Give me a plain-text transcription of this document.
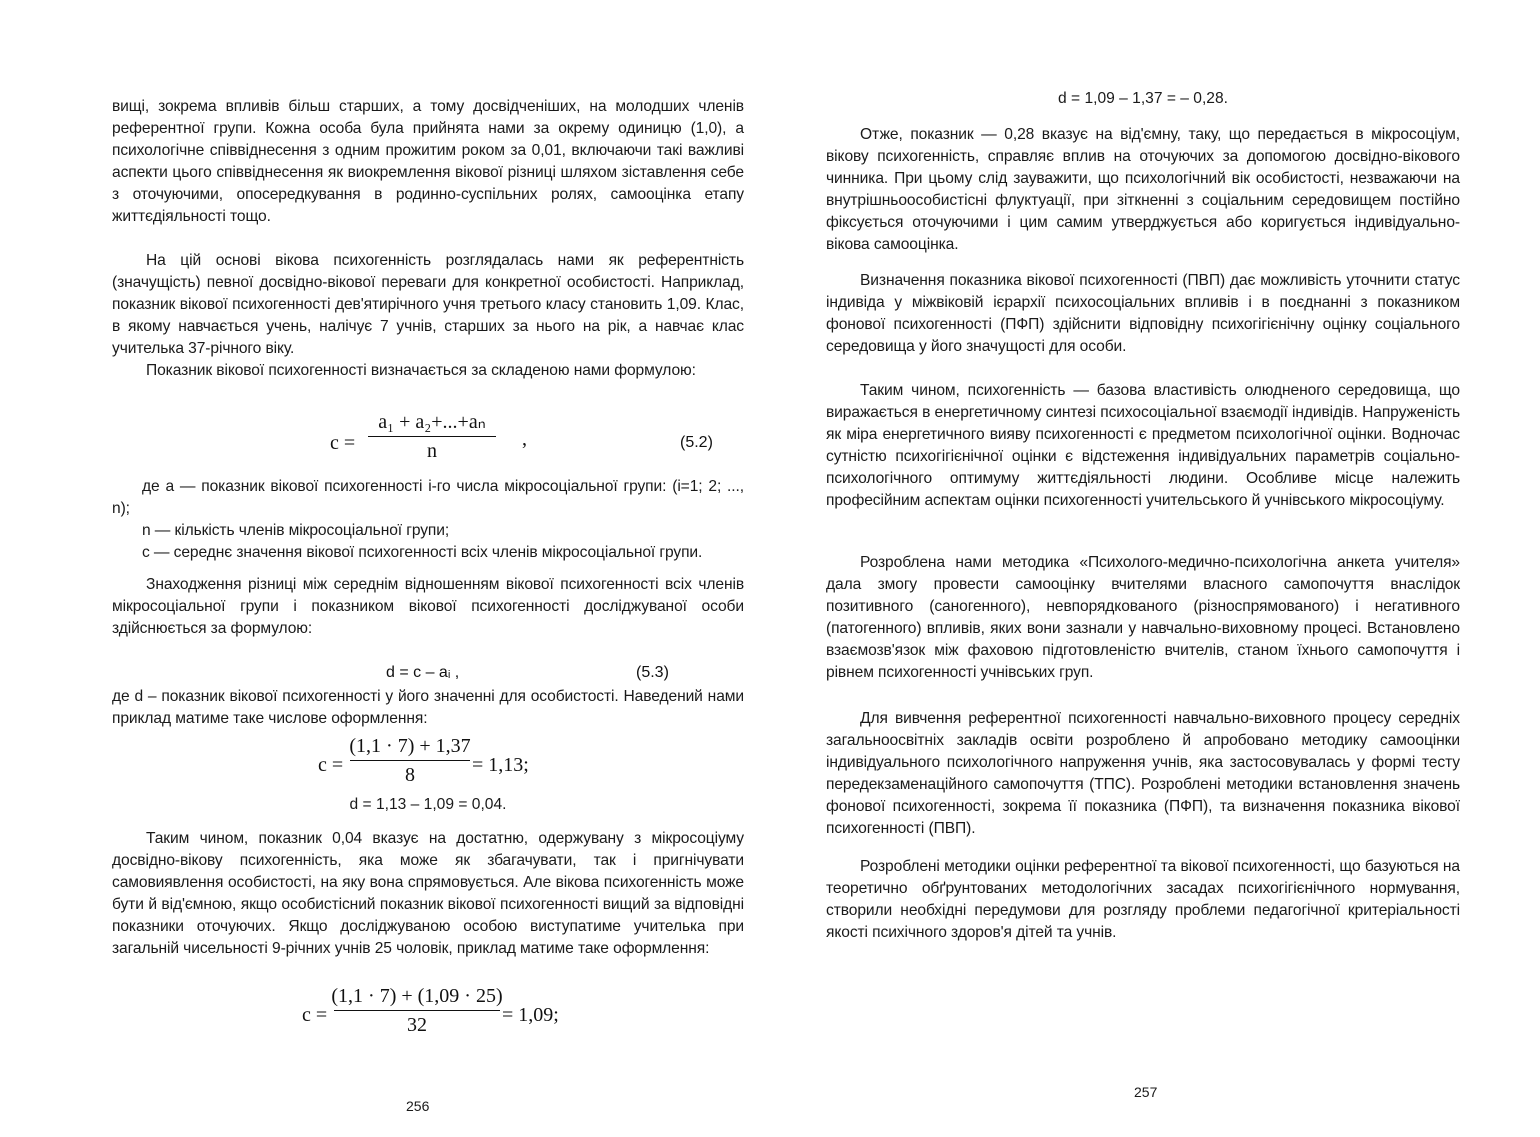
вищі, зокрема впливів більш старших, а тому досвідченіших, на молодших членів референтної групи. Кожна особа була прийнята нами за окрему одиницю (1,0), а психологічне співвіднесення з одним прожитим роком за 0,01, включаючи такі важливі аспекти цього співвіднесення як виокремлення вікової різниці шляхом зіставлення себе з оточуючими, опосередкування в родинно-суспільних ролях, самооцінка етапу життєдіяльності тощо.

На цій основі вікова психогенність розглядалась нами як референтність (значущість) певної досвідно-вікової переваги для конкретної особистості. Наприклад, показник вікової психогенності дев'ятирічного учня третього класу становить 1,09. Клас, в якому навчається учень, налічує 7 учнів, старших за нього на рік, а навчає клас учителька 37-річного віку.

Показник вікової психогенності визначається за складеною нами формулою:

c =
a₁ + a₂+...+aₙ
n
,	(5.2)

де a — показник вікової психогенності i-го числа мікросоціальної групи: (i=1; 2; ..., n);

n — кількість членів мікросоціальної групи;

c — середнє значення вікової психогенності всіх членів мікросоціальної групи.

Знаходження різниці між середнім відношенням вікової психогенності всіх членів мікросоціальної групи і показником вікової психогенності досліджуваної особи здійснюється за формулою:

d = c – aᵢ ,	(5.3)

де d – показник вікової психогенності у його значенні для особистості. Наведений нами приклад матиме таке числове оформлення:

c =
(1,1 · 7) + 1,37
8	= 1,13;
d = 1,13 – 1,09 = 0,04.

Таким чином, показник 0,04 вказує на достатню, одержувану з мікросоціуму досвідно-вікову психогенність, яка може як збагачувати, так і пригнічувати самовиявлення особистості, на яку вона спрямовується. Але вікова психогенність може бути й від'ємною, якщо особистісний показник вікової психогенності вищий за відповідні показники оточуючих. Якщо досліджуваною особою виступатиме учителька при загальній чисельності 9-річних учнів 25 чоловік, приклад матиме таке оформлення:

c =
(1,1 · 7) + (1,09 · 25)
32	= 1,09;
256
d = 1,09 – 1,37 = – 0,28.

Отже, показник — 0,28 вказує на від'ємну, таку, що передається в мікросоціум, вікову психогенність, справляє вплив на оточуючих за допомогою досвідно-вікового чинника. При цьому слід зауважити, що психологічний вік особистості, незважаючи на внутрішньоособистісні флуктуації, при зіткненні з соціальним середовищем постійно фіксується оточуючими і цим самим утверджується або коригується індивідуально-вікова самооцінка.

Визначення показника вікової психогенності (ПВП) дає можливість уточнити статус індивіда у міжвіковій ієрархії психосоціальних впливів і в поєднанні з показником фонової психогенності (ПФП) здійснити відповідну психогігієнічну оцінку соціального середовища у його значущості для особи.

Таким чином, психогенність — базова властивість олюдненого середовища, що виражається в енергетичному синтезі психосоціальної взаємодії індивідів. Напруженість як міра енергетичного вияву психогенності є предметом психологічної оцінки. Водночас сутністю психогігієнічної оцінки є відстеження індивідуальних параметрів соціально-психологічного оптимуму життєдіяльності людини. Особливе місце належить професійним аспектам оцінки психогенності учительського й учнівського мікросоціуму.

Розроблена нами методика «Психолого-медично-психологічна анкета учителя» дала змогу провести самооцінку вчителями власного самопочуття внаслідок позитивного (саногенного), невпорядкованого (різноспрямованого) і негативного (патогенного) впливів, яких вони зазнали у навчально-виховному процесі. Встановлено взаємозв'язок між фаховою підготовленістю вчителів, станом їхнього самопочуття і рівнем психогенності учнівських груп.

Для вивчення референтної психогенності навчально-виховного процесу середніх загальноосвітніх закладів освіти розроблено й апробовано методику самооцінки індивідуального психологічного напруження учнів, яка застосовувалась у формі тесту передекзаменаційного самопочуття (ТПС). Розроблені методики встановлення значень фонової психогенності, зокрема її показника (ПФП), та визначення показника вікової психогенності (ПВП).

Розроблені методики оцінки референтної та вікової психогенності, що базуються на теоретично обґрунтованих методологічних засадах психогігієнічного нормування, створили необхідні передумови для розгляду проблеми педагогічної критеріальності якості психічного здоров'я дітей та учнів.

257
